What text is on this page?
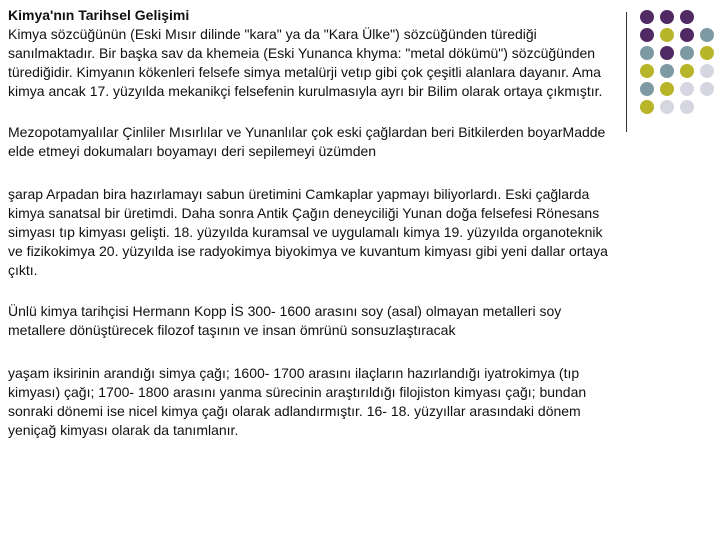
Kimya'nın Tarihsel Gelişimi

Kimya sözcüğünün (Eski Mısır dilinde "kara" ya da "Kara Ülke") sözcüğünden türediği sanılmaktadır. Bir başka sav da khemeia (Eski Yunanca khyma: "metal dökümü") sözcüğünden türediğidir. Kimyanın kökenleri felsefe simya metalürji vetıp gibi çok çeşitli alanlara dayanır. Ama kimya ancak 17. yüzyılda mekanikçi felsefenin kurulmasıyla ayrı bir Bilim olarak ortaya çıkmıştır.

Mezopotamyalılar Çinliler Mısırlılar ve Yunanlılar çok eski çağlardan beri Bitkilerden boyarMadde elde etmeyi dokumaları boyamayı deri sepilemeyi üzümden

şarap Arpadan bira hazırlamayı sabun üretimini Camkaplar yapmayı biliyorlardı. Eski çağlarda kimya sanatsal bir üretimdi. Daha sonra Antik Çağın deneyciliği Yunan doğa felsefesi Rönesans simyası tıp kimyası gelişti. 18. yüzyılda kuramsal ve uygulamalı kimya 19. yüzyılda organoteknik ve fizikokimya 20. yüzyılda ise radyokimya biyokimya ve kuvantum kimyası gibi yeni dallar ortaya çıktı.

Ünlü kimya tarihçisi Hermann Kopp İS 300- 1600 arasını soy (asal) olmayan metalleri soy metallere dönüştürecek filozof taşının ve insan ömrünü sonsuzlaştıracak

yaşam iksirinin arandığı simya çağı; 1600- 1700 arasını ilaçların hazırlandığı iyatrokimya (tıp kimyası) çağı; 1700- 1800 arasını yanma sürecinin araştırıldığı filojiston kimyası çağı; bundan sonraki dönemi ise nicel kimya çağı olarak adlandırmıştır. 16- 18. yüzyıllar arasındaki dönem yeniçağ kimyası olarak da tanımlanır.
